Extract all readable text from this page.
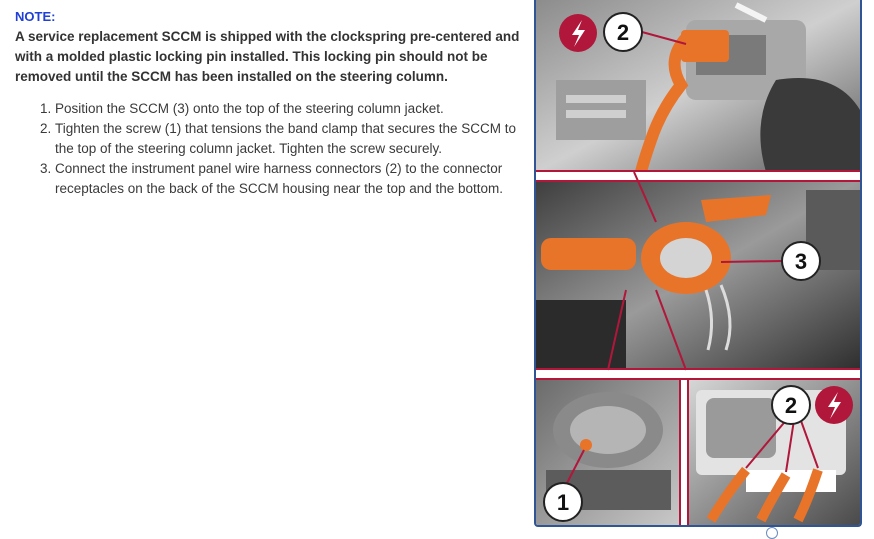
NOTE:

A service replacement SCCM is shipped with the clockspring pre-centered and with a molded plastic locking pin installed. This locking pin should not be removed until the SCCM has been installed on the steering column.

1. Position the SCCM (3) onto the top of the steering column jacket.
2. Tighten the screw (1) that tensions the band clamp that secures the SCCM to the top of the steering column jacket. Tighten the screw securely.
3. Connect the instrument panel wire harness connectors (2) to the connector receptacles on the back of the SCCM housing near the top and the bottom.
2
3
1
2
